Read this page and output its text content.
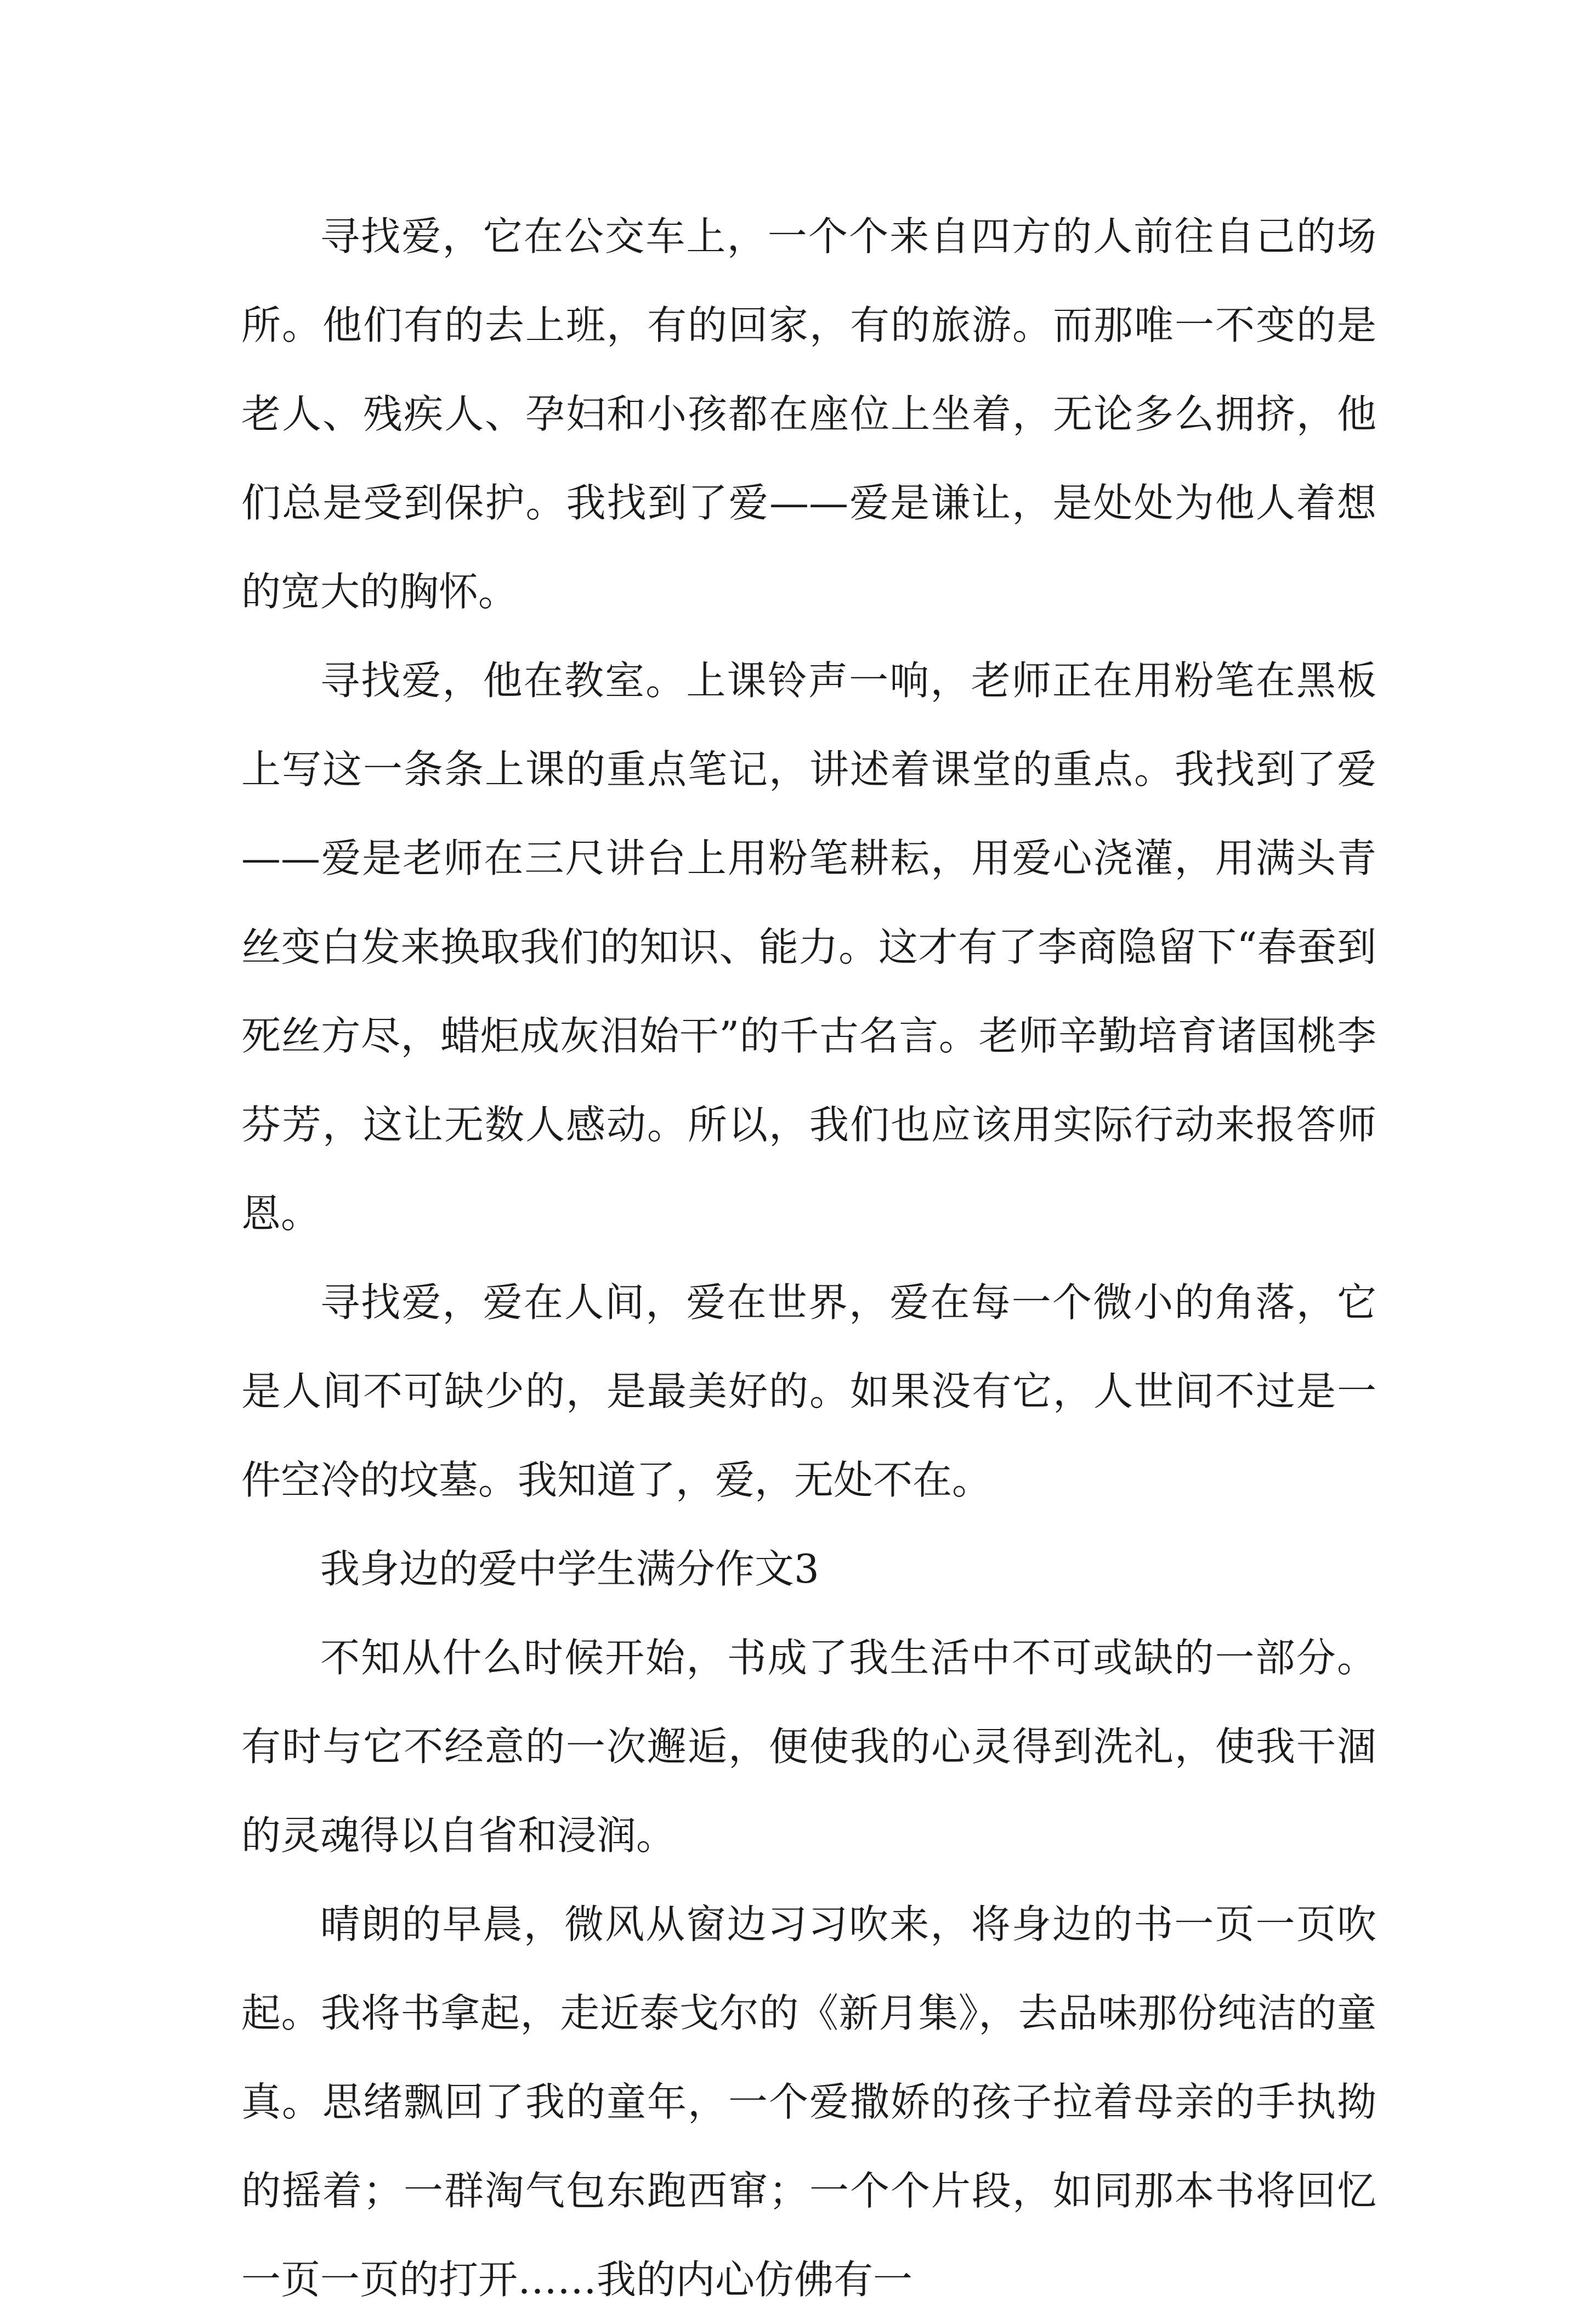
寻找爱，它在公交车上，一个个来自四方的人前往自己的场所。他们有的去上班，有的回家，有的旅游。而那唯一不变的是老人、残疾人、孕妇和小孩都在座位上坐着，无论多么拥挤，他们总是受到保护。我找到了爱——爱是谦让，是处处为他人着想的宽大的胸怀。

寻找爱，他在教室。上课铃声一响，老师正在用粉笔在黑板上写这一条条上课的重点笔记，讲述着课堂的重点。我找到了爱——爱是老师在三尺讲台上用粉笔耕耘，用爱心浇灌，用满头青丝变白发来换取我们的知识、能力。这才有了李商隐留下“春蚕到死丝方尽，蜡炬成灰泪始干”的千古名言。老师辛勤培育诸国桃李芬芳，这让无数人感动。所以，我们也应该用实际行动来报答师恩。

寻找爱，爱在人间，爱在世界，爱在每一个微小的角落，它是人间不可缺少的，是最美好的。如果没有它，人世间不过是一件空冷的坟墓。我知道了，爱，无处不在。

我身边的爱中学生满分作文3

不知从什么时候开始，书成了我生活中不可或缺的一部分。有时与它不经意的一次邂逅，便使我的心灵得到洗礼，使我干涸的灵魂得以自省和浸润。

晴朗的早晨，微风从窗边习习吹来，将身边的书一页一页吹起。我将书拿起，走近泰戈尔的《新月集》，去品味那份纯洁的童真。思绪飘回了我的童年，一个爱撒娇的孩子拉着母亲的手执拗的摇着；一群淘气包东跑西窜；一个个片段，如同那本书将回忆一页一页的打开……我的内心仿佛有一
